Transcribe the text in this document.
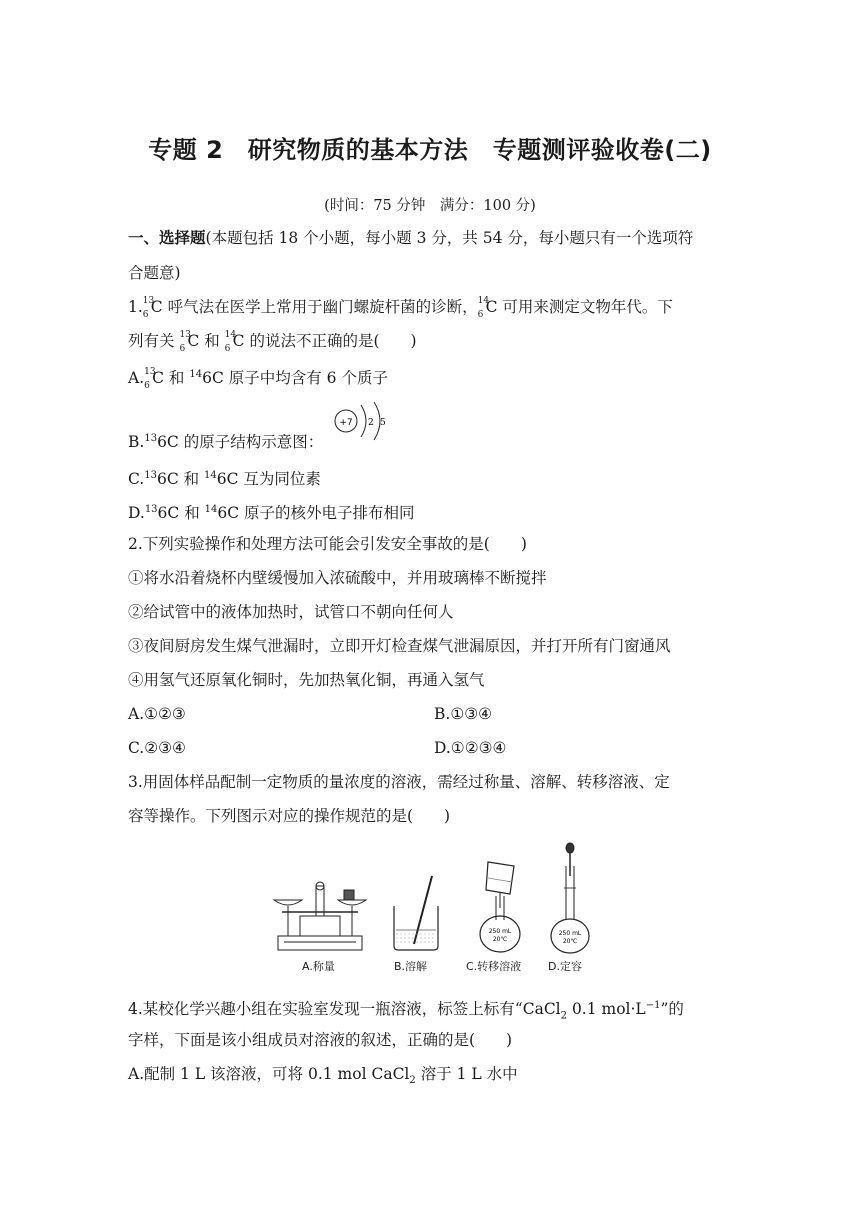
专题 2　研究物质的基本方法　专题测评验收卷(二)
(时间：75 分钟　满分：100 分)
一、选择题(本题包括 18 个小题，每小题 3 分，共 54 分，每小题只有一个选项符
合题意)
1. 13
6 C 呼气法在医学上常用于幽门螺旋杆菌的诊断， 14
6 C 可用来测定文物年代。下
列有关 13
6 C 和 14
6 C 的说法不正确的是(　　)
A. 13
6 C 和 $^{14}$6C 原子中均含有 6 个质子
B.$^{13}$6C 的原子结构示意图：
+7 2 5
C.$^{13}$6C 和 $^{14}$6C 互为同位素
D.$^{13}$6C 和 $^{14}$6C 原子的核外电子排布相同
2.下列实验操作和处理方法可能会引发安全事故的是(　　)
①将水沿着烧杯内壁缓慢加入浓硫酸中，并用玻璃棒不断搅拌
②给试管中的液体加热时，试管口不朝向任何人
③夜间厨房发生煤气泄漏时，立即开灯检查煤气泄漏原因，并打开所有门窗通风
④用氢气还原氧化铜时，先加热氧化铜，再通入氢气
A.①②③	B.①③④
C.②③④	D.①②③④
3.用固体样品配制一定物质的量浓度的溶液，需经过称量、溶解、转移溶液、定
容等操作。下列图示对应的操作规范的是(　　)
A.称量	B.溶解
250 mL
20℃
C.转移溶液
250 mL
20℃
D.定容
4.某校化学兴趣小组在实验室发现一瓶溶液，标签上标有“CaCl$_2$ 0.1 $mol\cdot L^{-1}$”的
字样，下面是该小组成员对溶液的叙述，正确的是(　　)
A.配制 1 L 该溶液，可将 0.1 mol CaCl$_2$ 溶于 1 L 水中
